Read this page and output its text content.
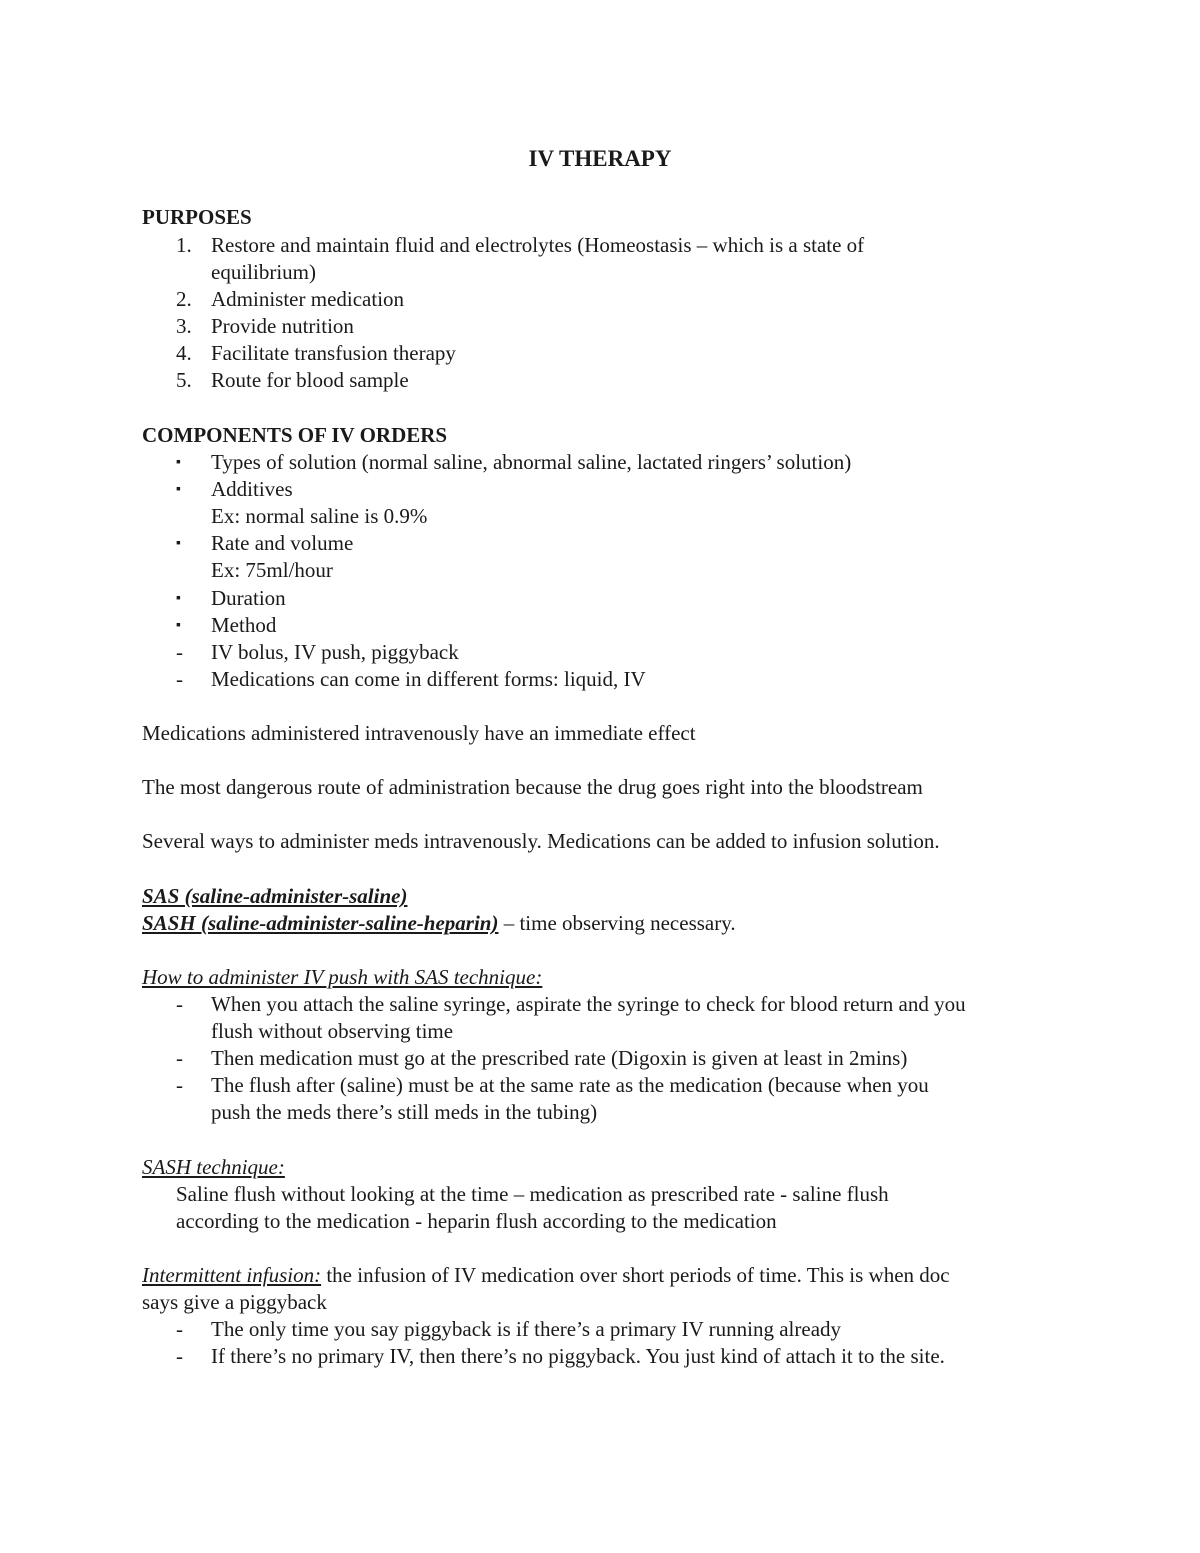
IV THERAPY
PURPOSES
1. Restore and maintain fluid and electrolytes (Homeostasis – which is a state of
equilibrium)
2. Administer medication
3. Provide nutrition
4. Facilitate transfusion therapy
5. Route for blood sample
COMPONENTS OF IV ORDERS
▪ Types of solution (normal saline, abnormal saline, lactated ringers’ solution)
▪ Additives
Ex: normal saline is 0.9%
▪ Rate and volume
Ex: 75ml/hour
▪ Duration
▪ Method
- IV bolus, IV push, piggyback
- Medications can come in different forms: liquid, IV
Medications administered intravenously have an immediate effect
The most dangerous route of administration because the drug goes right into the bloodstream
Several ways to administer meds intravenously. Medications can be added to infusion solution.
SAS (saline-administer-saline)
SASH (saline-administer-saline-heparin) – time observing necessary.
How to administer IV push with SAS technique:
- When you attach the saline syringe, aspirate the syringe to check for blood return and you
flush without observing time
- Then medication must go at the prescribed rate (Digoxin is given at least in 2mins)
- The flush after (saline) must be at the same rate as the medication (because when you
push the meds there’s still meds in the tubing)
SASH technique:
Saline flush without looking at the time – medication as prescribed rate - saline flush
according to the medication - heparin flush according to the medication
Intermittent infusion: the infusion of IV medication over short periods of time. This is when doc
says give a piggyback
- The only time you say piggyback is if there’s a primary IV running already
- If there’s no primary IV, then there’s no piggyback. You just kind of attach it to the site.
